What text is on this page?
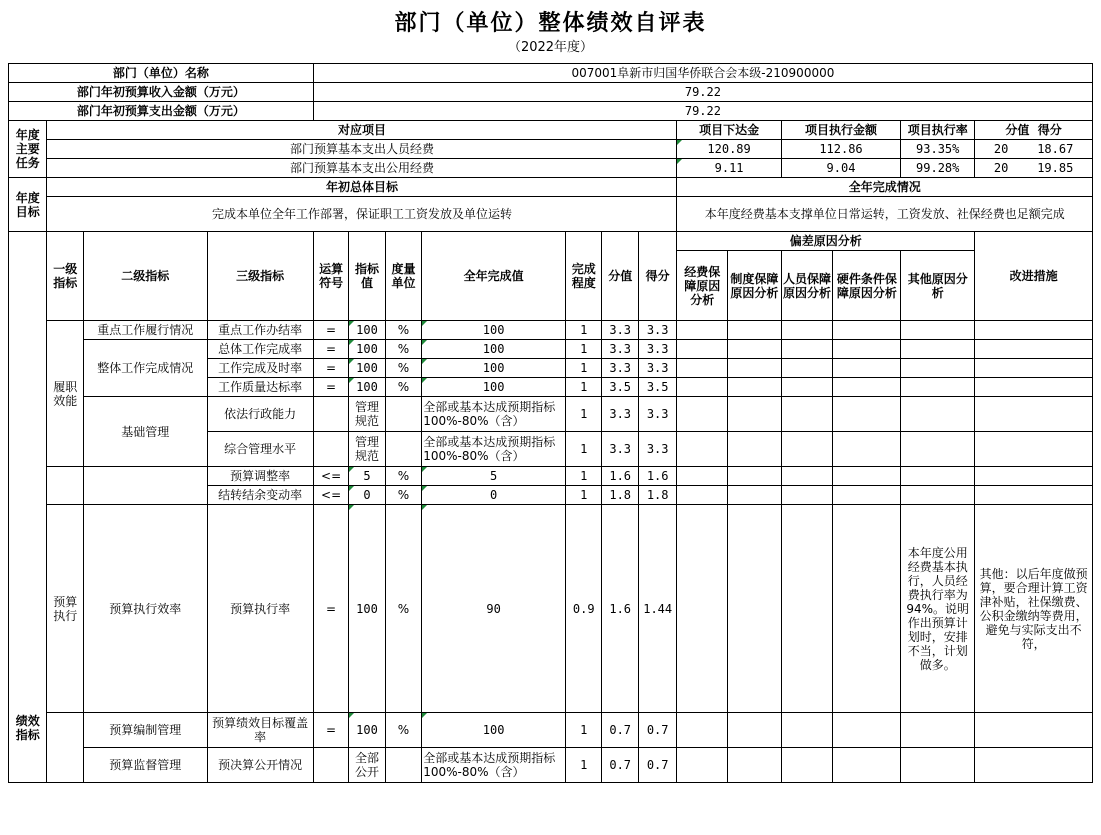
部门（单位）整体绩效自评表
（2022年度）
部门（单位）名称				007001阜新市归国华侨联合会本级-210900000												
部门年初预算收入金额（万元）				79.22												
部门年初预算支出金额（万元）				79.22												
年度主要任务	对应项目										项目下达金		项目执行金额		项目执行率	分值 得分
	部门预算基本支出人员经费										120.89		112.86		93.35%	20 18.67
	部门预算基本支出公用经费										9.11		9.04		99.28%	20 19.85
年度目标	年初总体目标										全年完成情况					
	完成本单位全年工作部署，保证职工工资发放及单位运转										本年度经费基本支撑单位日常运转，工资发放、社保经费也足额完成					
绩效指标	一级指标	二级指标	三级指标	运算符号	指标值	度量单位	全年完成值	完成程度	分值	得分	偏差原因分析					改进措施
											经费保障原因分析	制度保障原因分析	人员保障原因分析	硬件条件保障原因分析	其他原因分析	
	履职效能	重点工作履行情况	重点工作办结率	=	100	%	100	1	3.3	3.3						
		整体工作完成情况	总体工作完成率	=	100	%	100	1	3.3	3.3						
			工作完成及时率	=	100	%	100	1	3.3	3.3						
			工作质量达标率	=	100	%	100	1	3.5	3.5						
		基础管理	依法行政能力		管理规范		全部或基本达成预期指标100%-80%（含）	1	3.3	3.3						
			综合管理水平		管理规范		全部或基本达成预期指标100%-80%（含）	1	3.3	3.3						
			预算调整率	<=	5	%	5	1	1.6	1.6						
			结转结余变动率	<=	0	%	0	1	1.8	1.8						
	预算执行	预算执行效率	预算执行率	=	100	%	90	0.9	1.6	1.44					本年度公用经费基本执行，人员经费执行率为94%。说明作出预算计划时，安排不当，计划做多。	其他：以后年度做预算，要合理计算工资津补贴，社保缴费、公积金缴纳等费用，避免与实际支出不符，
		预算编制管理	预算绩效目标覆盖率	=	100	%	100	1	0.7	0.7						
		预算监督管理	预决算公开情况		全部公开		全部或基本达成预期指标100%-80%（含）	1	0.7	0.7						
